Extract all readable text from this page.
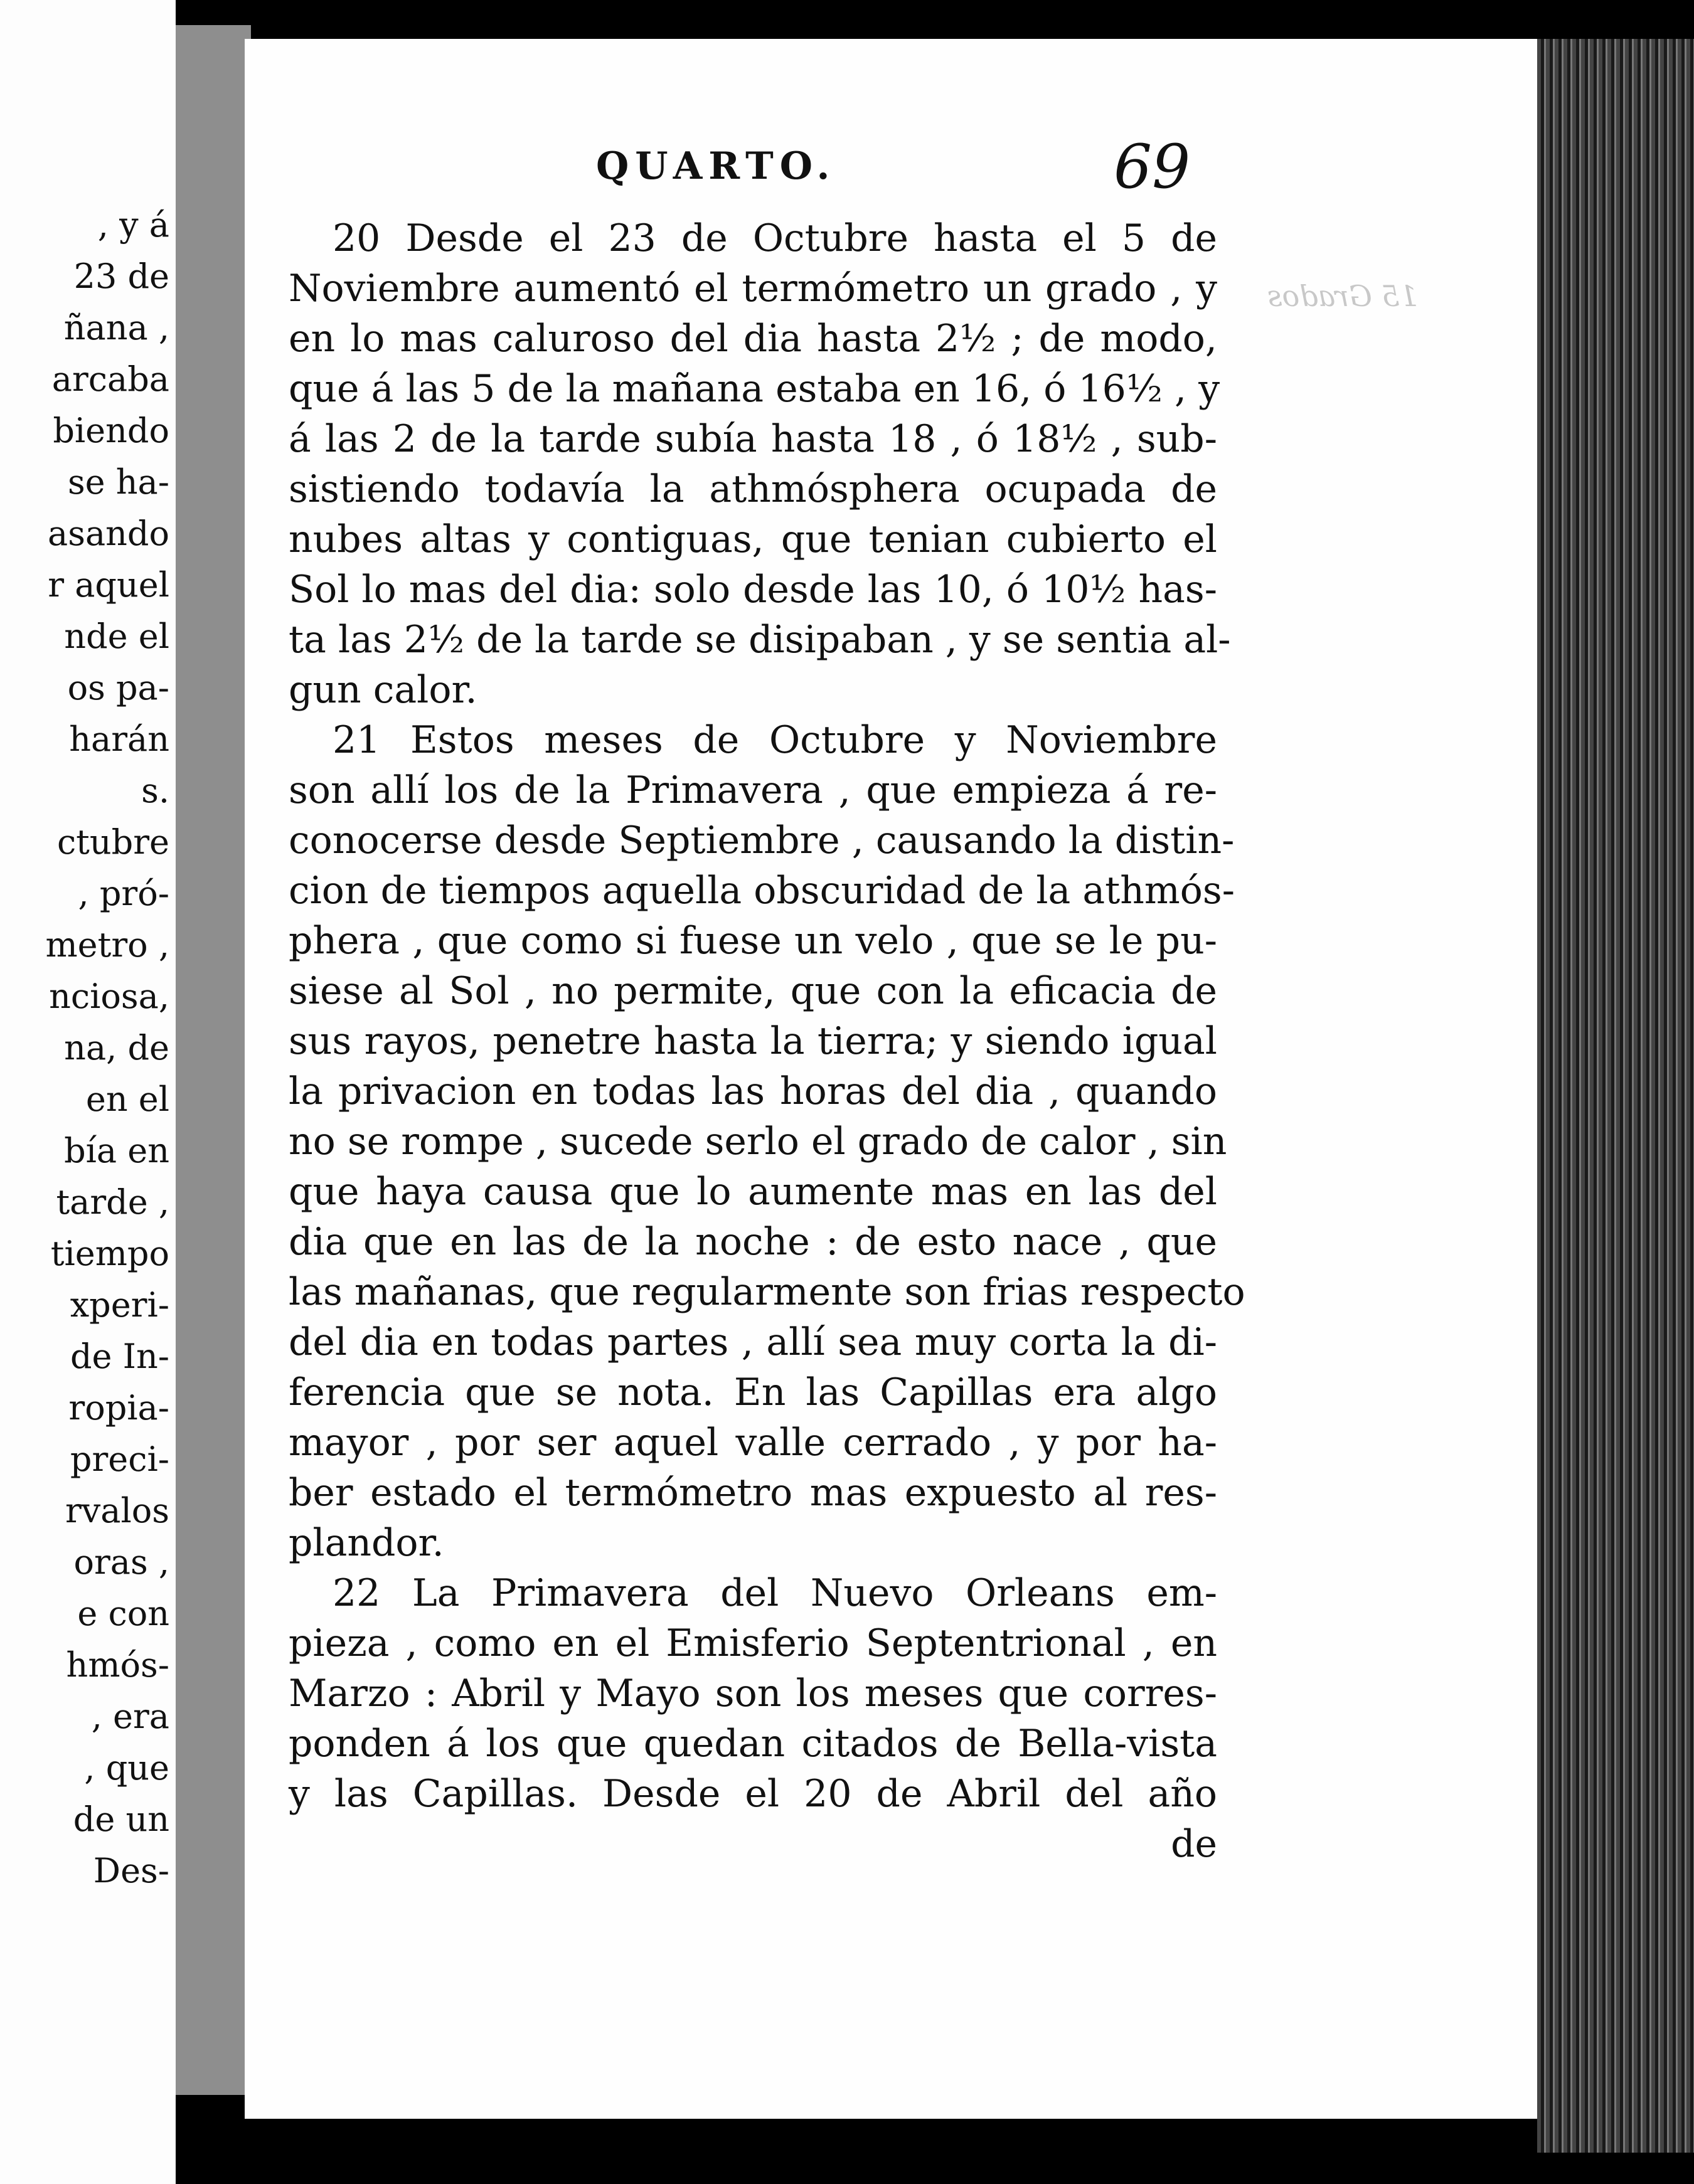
, y á
23 de
ñana ,
arcaba
biendo
se ha-
asando
r aquel
nde el
os pa-
harán
s.
ctubre
, pró-
metro ,
nciosa,
na, de
en el
bía en
tarde ,
tiempo
xperi-
de In-
ropia-
preci-
rvalos
oras ,
e con
hmós-
, era
, que
de un
Des-
QUARTO.	69
15 Grados
20 Desde el 23 de Octubre hasta el 5 de
Noviembre aumentó el termómetro un grado , y
en lo mas caluroso del dia hasta 2½ ; de modo,
que á las 5 de la mañana estaba en 16, ó 16½ , y
á las 2 de la tarde subía hasta 18 , ó 18½ , sub-
sistiendo todavía la athmósphera ocupada de
nubes altas y contiguas, que tenian cubierto el
Sol lo mas del dia: solo desde las 10, ó 10½ has-
ta las 2½ de la tarde se disipaban , y se sentia al-
gun calor.
21 Estos meses de Octubre y Noviembre
son allí los de la Primavera , que empieza á re-
conocerse desde Septiembre , causando la distin-
cion de tiempos aquella obscuridad de la athmós-
phera , que como si fuese un velo , que se le pu-
siese al Sol , no permite, que con la eficacia de
sus rayos, penetre hasta la tierra; y siendo igual
la privacion en todas las horas del dia , quando
no se rompe , sucede serlo el grado de calor , sin
que haya causa que lo aumente mas en las del
dia que en las de la noche : de esto nace , que
las mañanas, que regularmente son frias respecto
del dia en todas partes , allí sea muy corta la di-
ferencia que se nota. En las Capillas era algo
mayor , por ser aquel valle cerrado , y por ha-
ber estado el termómetro mas expuesto al res-
plandor.
22 La Primavera del Nuevo Orleans em-
pieza , como en el Emisferio Septentrional , en
Marzo : Abril y Mayo son los meses que corres-
ponden á los que quedan citados de Bella-vista
y las Capillas. Desde el 20 de Abril del año
de
